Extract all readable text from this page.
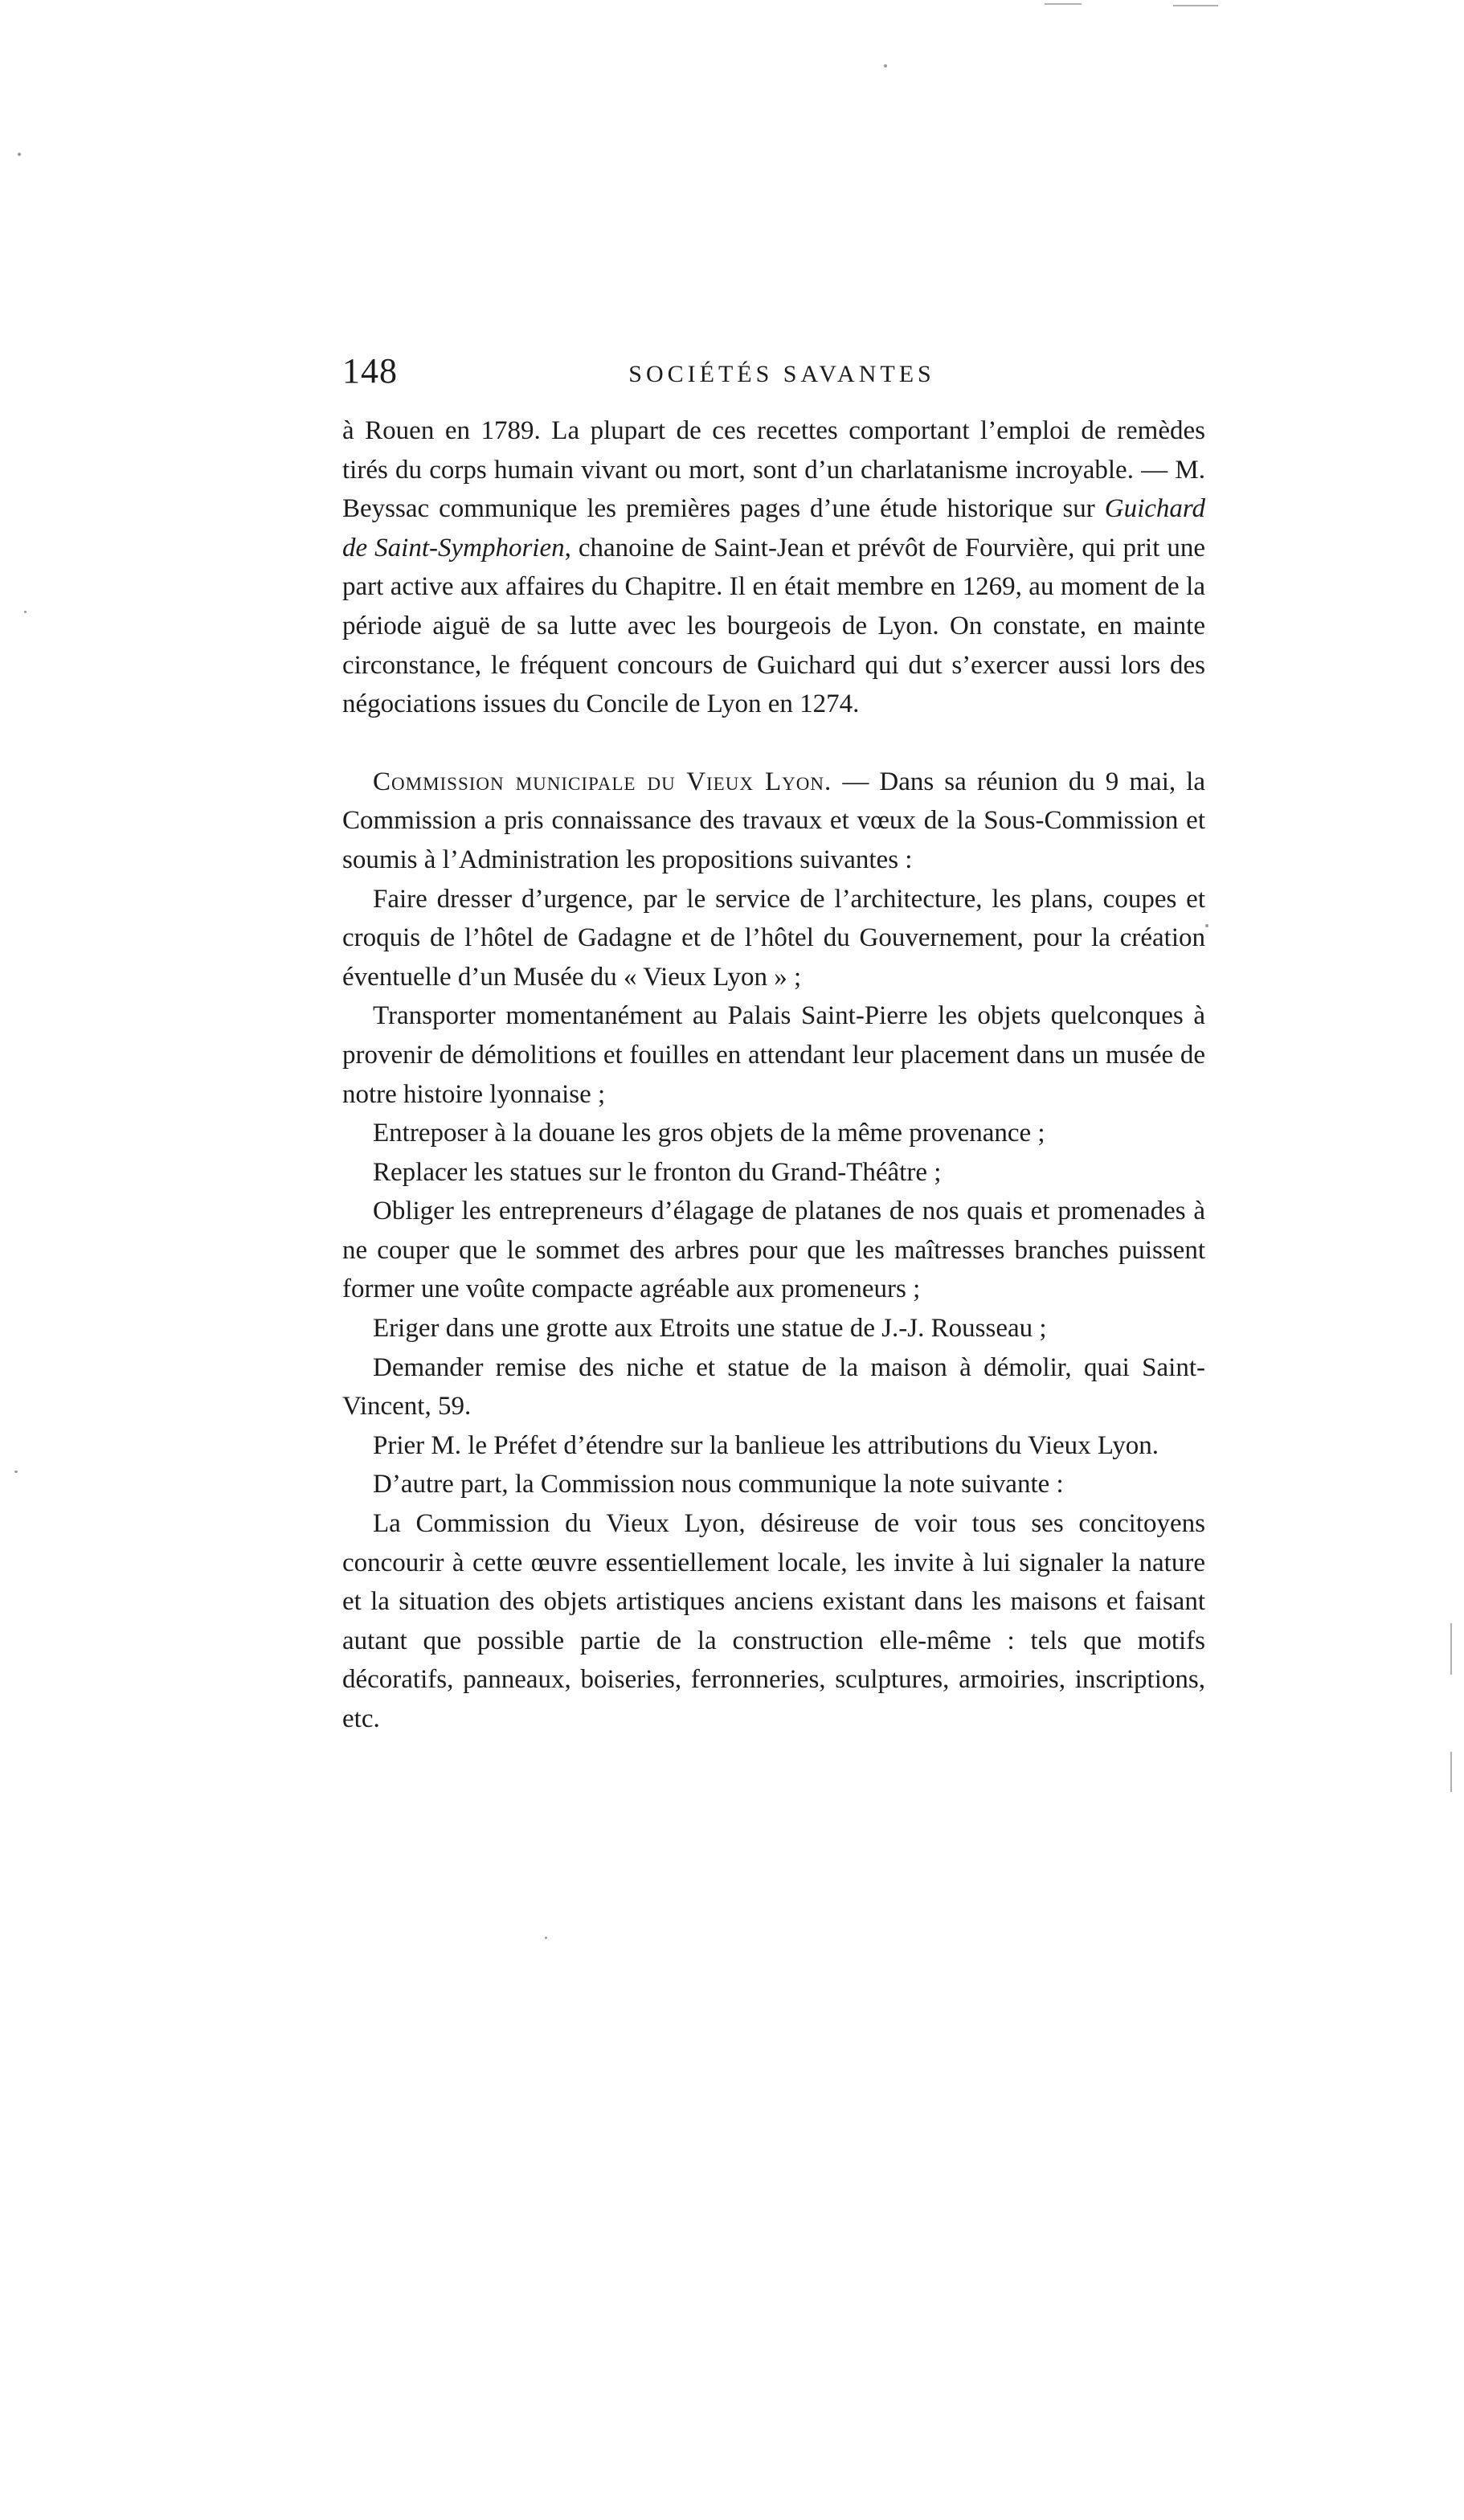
148	SOCIÉTÉS SAVANTES

à Rouen en 1789. La plupart de ces recettes comportant l’emploi de remèdes tirés du corps humain vivant ou mort, sont d’un charlatanisme incroyable. — M. Beyssac communique les premières pages d’une étude historique sur Guichard de Saint-Symphorien, chanoine de Saint-Jean et prévôt de Fourvière, qui prit une part active aux affaires du Chapitre. Il en était membre en 1269, au moment de la période aiguë de sa lutte avec les bourgeois de Lyon. On constate, en mainte circonstance, le fréquent concours de Guichard qui dut s’exercer aussi lors des négociations issues du Concile de Lyon en 1274.

Commission municipale du Vieux Lyon. — Dans sa réunion du 9 mai, la Commission a pris connaissance des travaux et vœux de la Sous-Commission et soumis à l’Administration les propositions suivantes :

Faire dresser d’urgence, par le service de l’architecture, les plans, coupes et croquis de l’hôtel de Gadagne et de l’hôtel du Gouvernement, pour la création éventuelle d’un Musée du « Vieux Lyon » ;

Transporter momentanément au Palais Saint-Pierre les objets quelconques à provenir de démolitions et fouilles en attendant leur placement dans un musée de notre histoire lyonnaise ;

Entreposer à la douane les gros objets de la même provenance ;

Replacer les statues sur le fronton du Grand-Théâtre ;

Obliger les entrepreneurs d’élagage de platanes de nos quais et promenades à ne couper que le sommet des arbres pour que les maîtresses branches puissent former une voûte compacte agréable aux promeneurs ;

Eriger dans une grotte aux Etroits une statue de J.-J. Rousseau ;

Demander remise des niche et statue de la maison à démolir, quai Saint-Vincent, 59.

Prier M. le Préfet d’étendre sur la banlieue les attributions du Vieux Lyon.

D’autre part, la Commission nous communique la note suivante :

La Commission du Vieux Lyon, désireuse de voir tous ses concitoyens concourir à cette œuvre essentiellement locale, les invite à lui signaler la nature et la situation des objets artistiques anciens existant dans les maisons et faisant autant que possible partie de la construction elle-même : tels que motifs décoratifs, panneaux, boiseries, ferronneries, sculptures, armoiries, inscriptions, etc.
